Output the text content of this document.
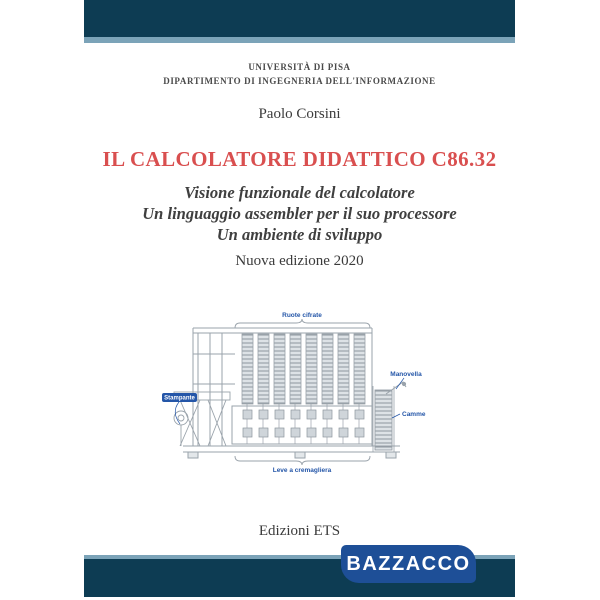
UNIVERSITÀ DI PISA
DIPARTIMENTO DI INGEGNERIA DELL'INFORMAZIONE
Paolo Corsini
IL CALCOLATORE DIDATTICO C86.32
Visione funzionale del calcolatore
Un linguaggio assembler per il suo processore
Un ambiente di sviluppo
Nuova edizione 2020
Ruote cifrate
Stampante
Manovella
Camme
Leve a cremagliera
Edizioni ETS
BAZZACCO
